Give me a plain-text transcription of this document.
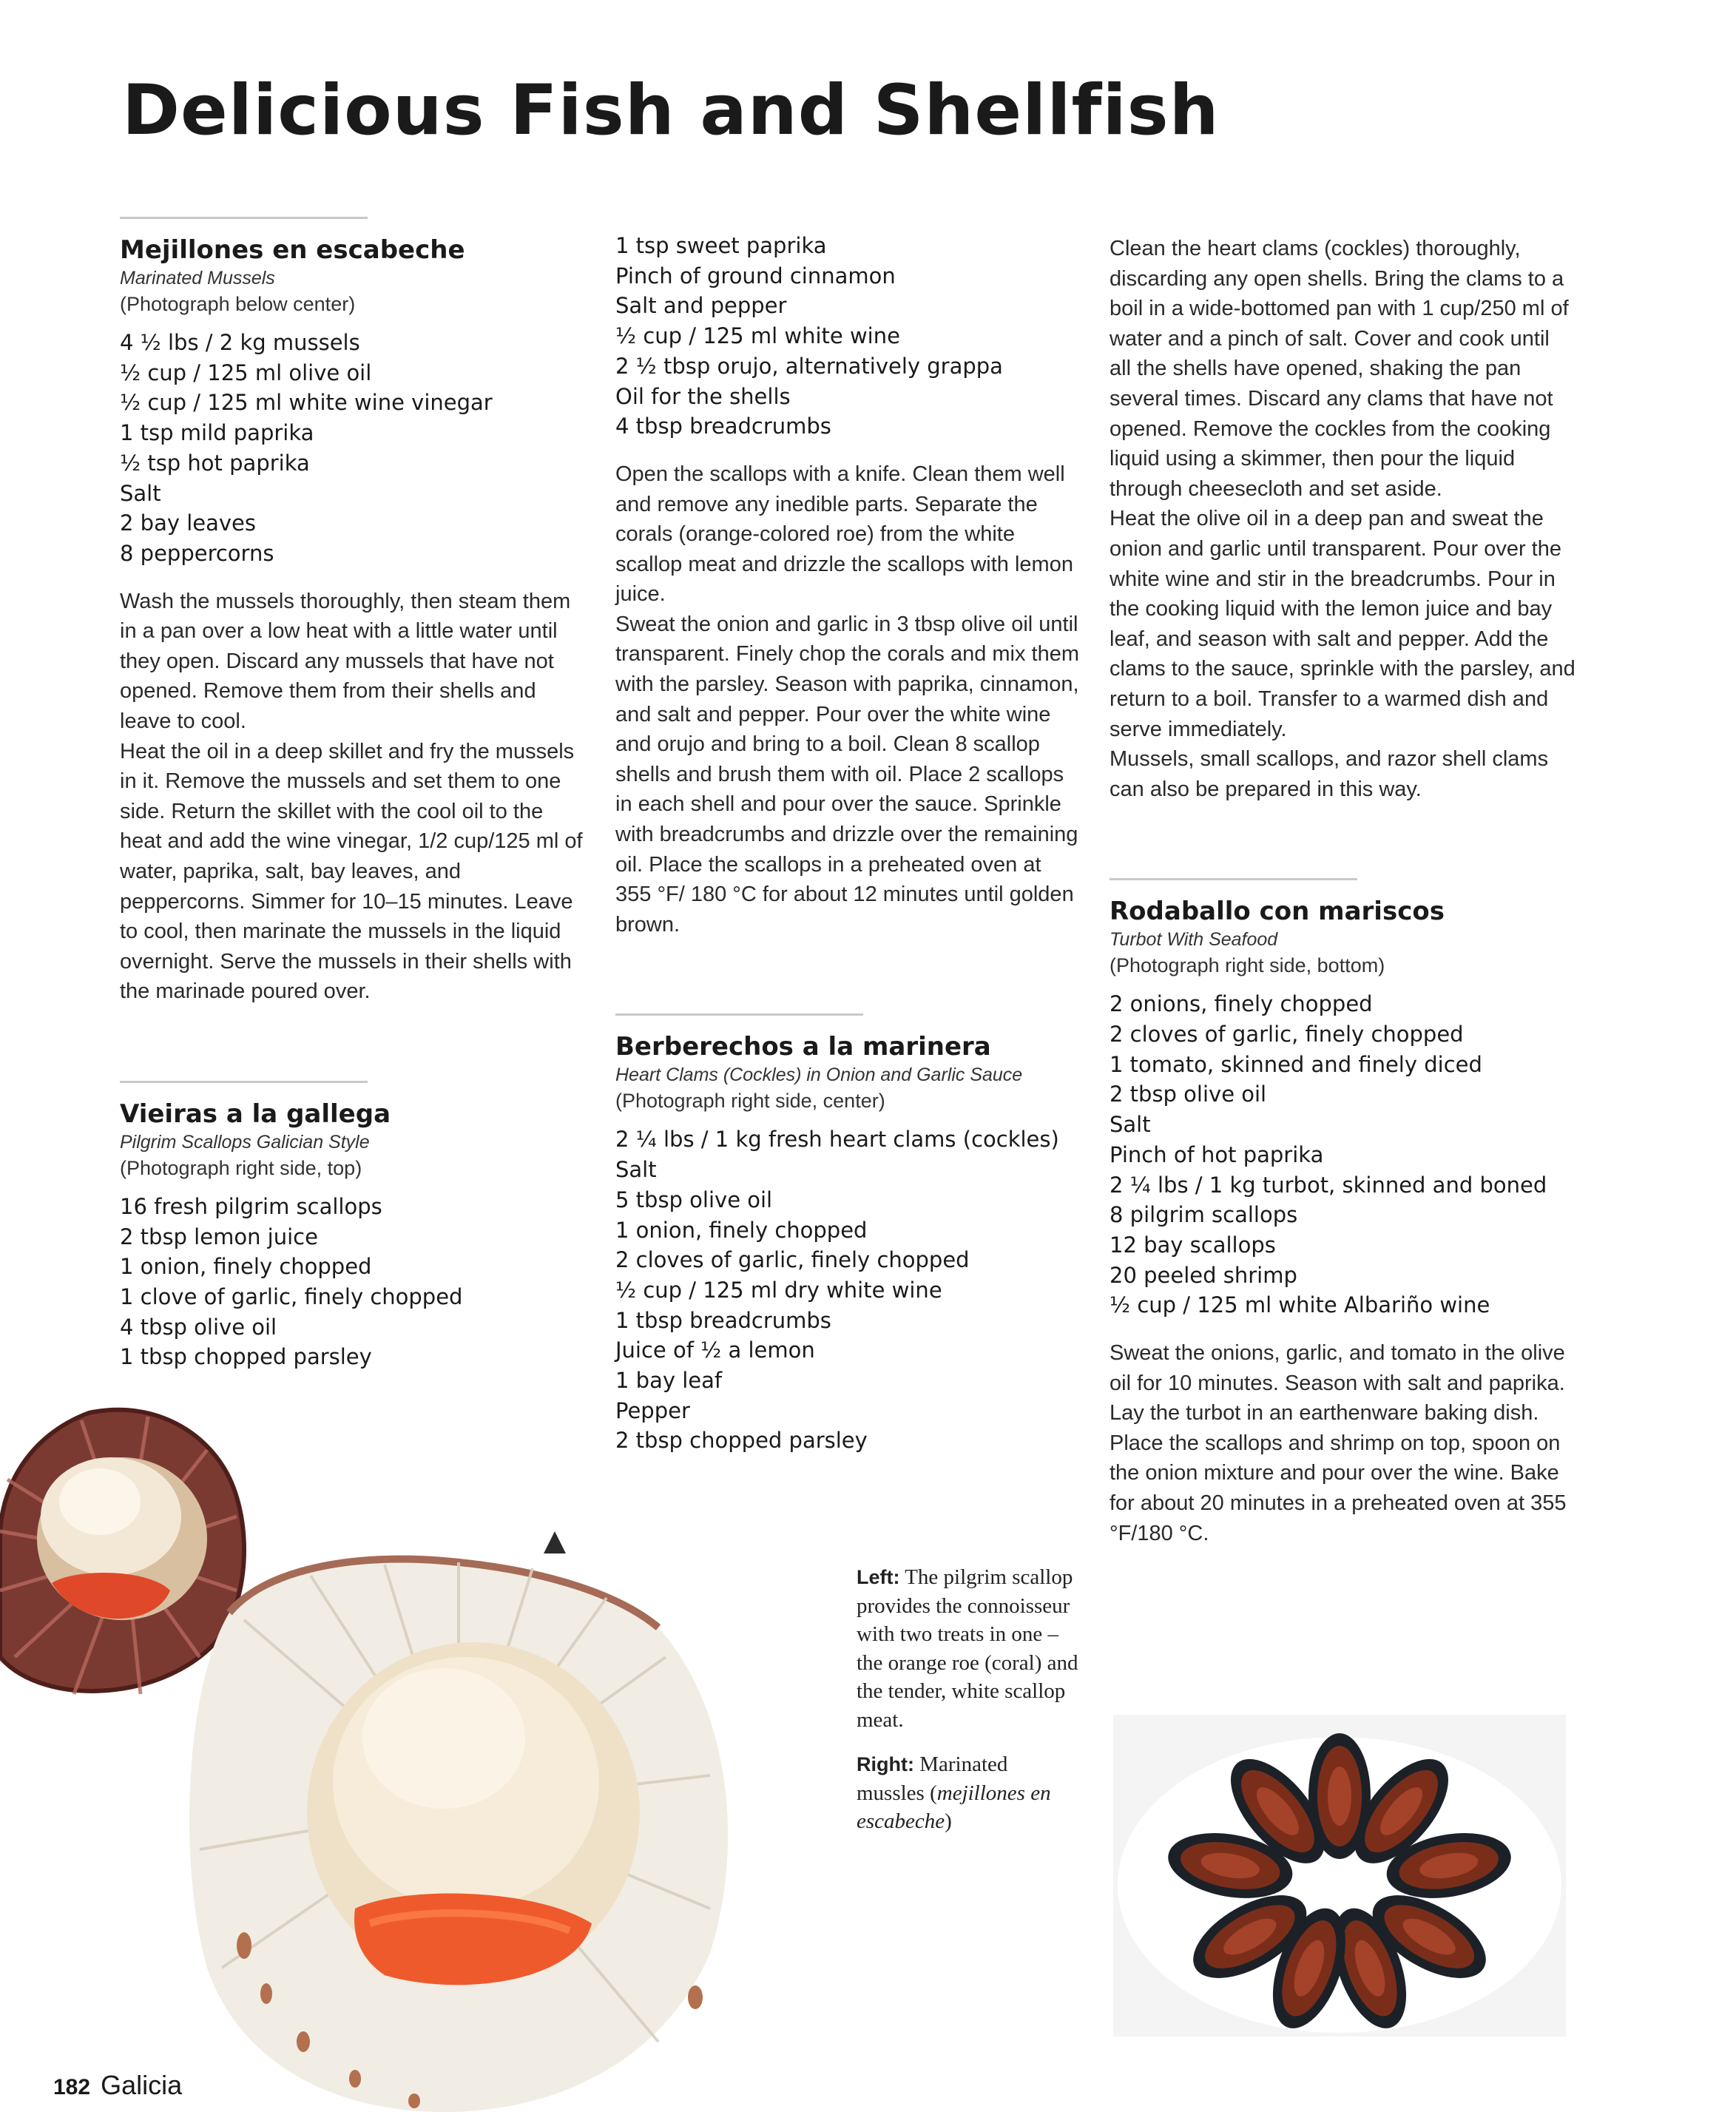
Delicious Fish and Shellfish
Mejillones en escabeche
Marinated Mussels
(Photograph below center)
4 ½ lbs / 2 kg mussels
½ cup / 125 ml olive oil
½ cup / 125 ml white wine vinegar
1 tsp mild paprika
½ tsp hot paprika
Salt
2 bay leaves
8 peppercorns

Wash the mussels thoroughly, then steam them in a pan over a low heat with a little water until they open. Discard any mussels that have not opened. Remove them from their shells and leave to cool.

Heat the oil in a deep skillet and fry the mussels in it. Remove the mussels and set them to one side. Return the skillet with the cool oil to the heat and add the wine vinegar, 1/2 cup/125 ml of water, paprika, salt, bay leaves, and peppercorns. Simmer for 10–15 minutes. Leave to cool, then marinate the mussels in the liquid overnight. Serve the mussels in their shells with the marinade poured over.

Vieiras a la gallega
Pilgrim Scallops Galician Style
(Photograph right side, top)
16 fresh pilgrim scallops
2 tbsp lemon juice
1 onion, finely chopped
1 clove of garlic, finely chopped
4 tbsp olive oil
1 tbsp chopped parsley
1 tsp sweet paprika
Pinch of ground cinnamon
Salt and pepper
½ cup / 125 ml white wine
2 ½ tbsp orujo, alternatively grappa
Oil for the shells
4 tbsp breadcrumbs

Open the scallops with a knife. Clean them well and remove any inedible parts. Separate the corals (orange-colored roe) from the white scallop meat and drizzle the scallops with lemon juice.

Sweat the onion and garlic in 3 tbsp olive oil until transparent. Finely chop the corals and mix them with the parsley. Season with paprika, cinnamon, and salt and pepper. Pour over the white wine and orujo and bring to a boil. Clean 8 scallop shells and brush them with oil. Place 2 scallops in each shell and pour over the sauce. Sprinkle with breadcrumbs and drizzle over the remaining oil. Place the scallops in a preheated oven at 355 °F/ 180 °C for about 12 minutes until golden brown.

Berberechos a la marinera
Heart Clams (Cockles) in Onion and Garlic Sauce
(Photograph right side, center)
2 ¼ lbs / 1 kg fresh heart clams (cockles)
Salt
5 tbsp olive oil
1 onion, finely chopped
2 cloves of garlic, finely chopped
½ cup / 125 ml dry white wine
1 tbsp breadcrumbs
Juice of ½ a lemon
1 bay leaf
Pepper
2 tbsp chopped parsley

Clean the heart clams (cockles) thoroughly, discarding any open shells. Bring the clams to a boil in a wide-bottomed pan with 1 cup/250 ml of water and a pinch of salt. Cover and cook until all the shells have opened, shaking the pan several times. Discard any clams that have not opened. Remove the cockles from the cooking liquid using a skimmer, then pour the liquid through cheesecloth and set aside.

Heat the olive oil in a deep pan and sweat the onion and garlic until transparent. Pour over the white wine and stir in the breadcrumbs. Pour in the cooking liquid with the lemon juice and bay leaf, and season with salt and pepper. Add the clams to the sauce, sprinkle with the parsley, and return to a boil. Transfer to a warmed dish and serve immediately.

Mussels, small scallops, and razor shell clams can also be prepared in this way.

Rodaballo con mariscos
Turbot With Seafood
(Photograph right side, bottom)
2 onions, finely chopped
2 cloves of garlic, finely chopped
1 tomato, skinned and finely diced
2 tbsp olive oil
Salt
Pinch of hot paprika
2 ¼ lbs / 1 kg turbot, skinned and boned
8 pilgrim scallops
12 bay scallops
20 peeled shrimp
½ cup / 125 ml white Albariño wine

Sweat the onions, garlic, and tomato in the olive oil for 10 minutes. Season with salt and paprika. Lay the turbot in an earthenware baking dish. Place the scallops and shrimp on top, spoon on the onion mixture and pour over the wine. Bake for about 20 minutes in a preheated oven at 355 °F/180 °C.

Left: The pilgrim scallop provides the connoisseur with two treats in one – the orange roe (coral) and the tender, white scallop meat.

Right: Marinated mussles (mejillones en escabeche)

182 Galicia
